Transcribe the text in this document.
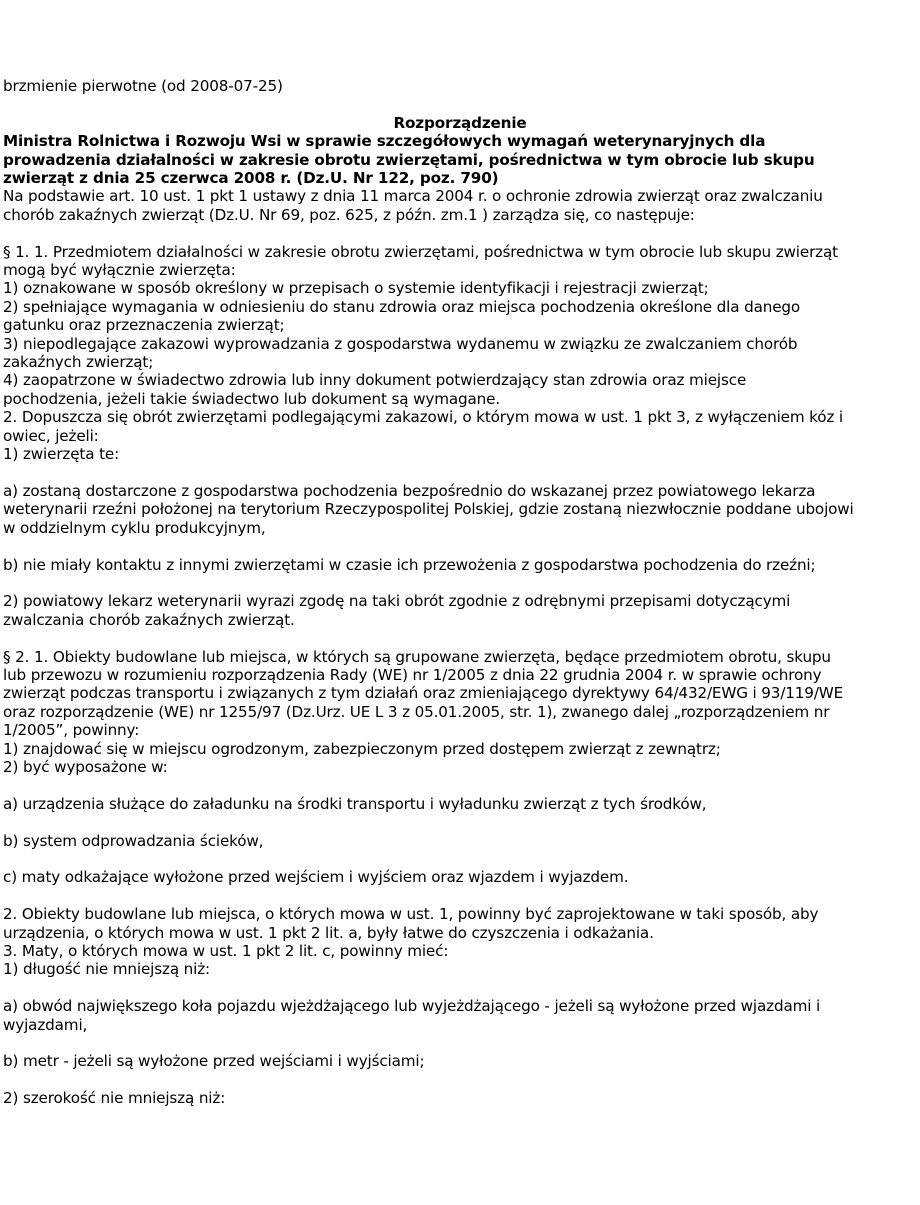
brzmienie pierwotne (od 2008-07-25)
Rozporządzenie
Ministra Rolnictwa i Rozwoju Wsi w sprawie szczegółowych wymagań weterynaryjnych dla
prowadzenia działalności w zakresie obrotu zwierzętami, pośrednictwa w tym obrocie lub skupu
zwierząt z dnia 25 czerwca 2008 r. (Dz.U. Nr 122, poz. 790)
Na podstawie art. 10 ust. 1 pkt 1 ustawy z dnia 11 marca 2004 r. o ochronie zdrowia zwierząt oraz zwalczaniu
chorób zakaźnych zwierząt (Dz.U. Nr 69, poz. 625, z późn. zm.1 ) zarządza się, co następuje:
§ 1. 1. Przedmiotem działalności w zakresie obrotu zwierzętami, pośrednictwa w tym obrocie lub skupu zwierząt
mogą być wyłącznie zwierzęta:
1) oznakowane w sposób określony w przepisach o systemie identyfikacji i rejestracji zwierząt;
2) spełniające wymagania w odniesieniu do stanu zdrowia oraz miejsca pochodzenia określone dla danego
gatunku oraz przeznaczenia zwierząt;
3) niepodlegające zakazowi wyprowadzania z gospodarstwa wydanemu w związku ze zwalczaniem chorób
zakaźnych zwierząt;
4) zaopatrzone w świadectwo zdrowia lub inny dokument potwierdzający stan zdrowia oraz miejsce
pochodzenia, jeżeli takie świadectwo lub dokument są wymagane.
2. Dopuszcza się obrót zwierzętami podlegającymi zakazowi, o którym mowa w ust. 1 pkt 3, z wyłączeniem kóz i
owiec, jeżeli:
1) zwierzęta te:
a) zostaną dostarczone z gospodarstwa pochodzenia bezpośrednio do wskazanej przez powiatowego lekarza
weterynarii rzeźni położonej na terytorium Rzeczypospolitej Polskiej, gdzie zostaną niezwłocznie poddane ubojowi
w oddzielnym cyklu produkcyjnym,
b) nie miały kontaktu z innymi zwierzętami w czasie ich przewożenia z gospodarstwa pochodzenia do rzeźni;
2) powiatowy lekarz weterynarii wyrazi zgodę na taki obrót zgodnie z odrębnymi przepisami dotyczącymi
zwalczania chorób zakaźnych zwierząt.
§ 2. 1. Obiekty budowlane lub miejsca, w których są grupowane zwierzęta, będące przedmiotem obrotu, skupu
lub przewozu w rozumieniu rozporządzenia Rady (WE) nr 1/2005 z dnia 22 grudnia 2004 r. w sprawie ochrony
zwierząt podczas transportu i związanych z tym działań oraz zmieniającego dyrektywy 64/432/EWG i 93/119/WE
oraz rozporządzenie (WE) nr 1255/97 (Dz.Urz. UE L 3 z 05.01.2005, str. 1), zwanego dalej „rozporządzeniem nr
1/2005”, powinny:
1) znajdować się w miejscu ogrodzonym, zabezpieczonym przed dostępem zwierząt z zewnątrz;
2) być wyposażone w:
a) urządzenia służące do załadunku na środki transportu i wyładunku zwierząt z tych środków,
b) system odprowadzania ścieków,
c) maty odkażające wyłożone przed wejściem i wyjściem oraz wjazdem i wyjazdem.
2. Obiekty budowlane lub miejsca, o których mowa w ust. 1, powinny być zaprojektowane w taki sposób, aby
urządzenia, o których mowa w ust. 1 pkt 2 lit. a, były łatwe do czyszczenia i odkażania.
3. Maty, o których mowa w ust. 1 pkt 2 lit. c, powinny mieć:
1) długość nie mniejszą niż:
a) obwód największego koła pojazdu wjeżdżającego lub wyjeżdżającego - jeżeli są wyłożone przed wjazdami i
wyjazdami,
b) metr - jeżeli są wyłożone przed wejściami i wyjściami;
2) szerokość nie mniejszą niż:
